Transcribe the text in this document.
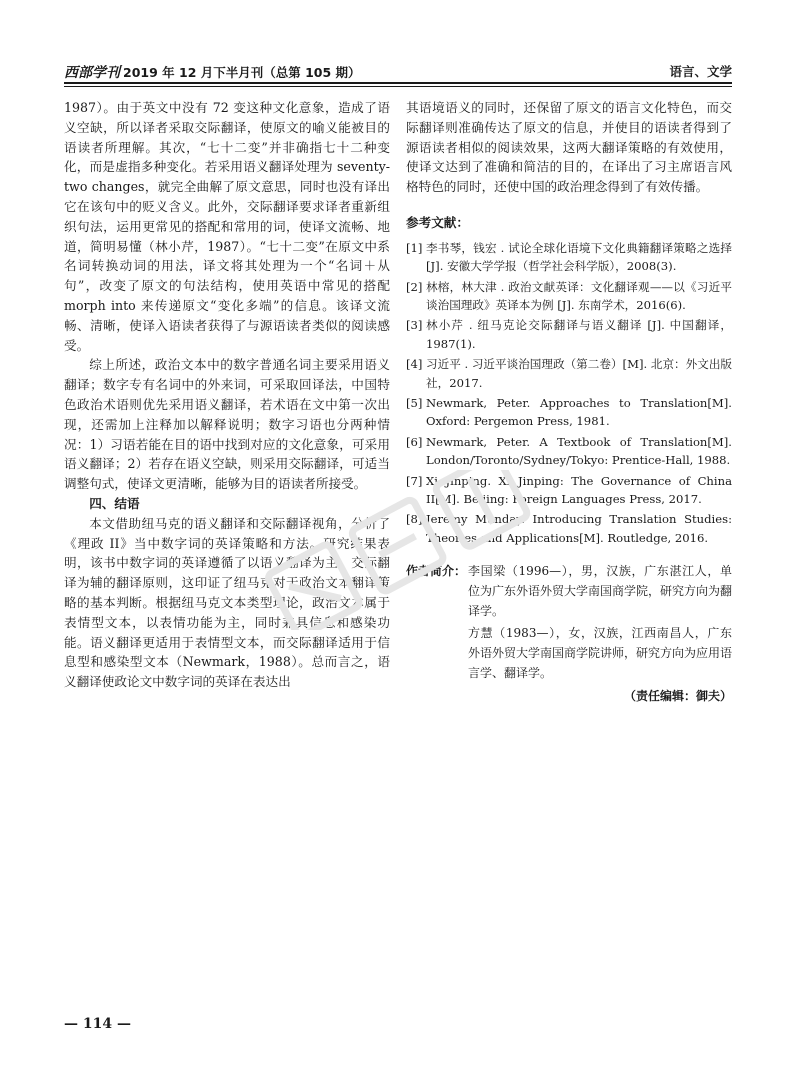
西部学刊 2019 年 12 月下半月刊（总第 105 期）	语言、文学

1987）。由于英文中没有 72 变这种文化意象，造成了语义空缺，所以译者采取交际翻译，使原文的喻义能被目的语读者所理解。其次，“七十二变”并非确指七十二种变化，而是虚指多种变化。若采用语义翻译处理为 seventy-two changes，就完全曲解了原文意思，同时也没有译出它在该句中的贬义含义。此外，交际翻译要求译者重新组织句法，运用更常见的搭配和常用的词，使译文流畅、地道，简明易懂（林小芹，1987）。“七十二变”在原文中系名词转换动词的用法，译文将其处理为一个“名词＋从句”，改变了原文的句法结构，使用英语中常见的搭配 morph into 来传递原文“变化多端”的信息。该译文流畅、清晰，使译入语读者获得了与源语读者类似的阅读感受。

综上所述，政治文本中的数字普通名词主要采用语义翻译；数字专有名词中的外来词，可采取回译法，中国特色政治术语则优先采用语义翻译，若术语在文中第一次出现，还需加上注释加以解释说明；数字习语也分两种情况：1）习语若能在目的语中找到对应的文化意象，可采用语义翻译；2）若存在语义空缺，则采用交际翻译，可适当调整句式，使译文更清晰，能够为目的语读者所接受。

四、结语

本文借助纽马克的语义翻译和交际翻译视角，分析了《理政 II》当中数字词的英译策略和方法。研究结果表明，该书中数字词的英译遵循了以语义翻译为主，交际翻译为辅的翻译原则，这印证了纽马克对于政治文本翻译策略的基本判断。根据纽马克文本类型理论，政治文本属于表情型文本，以表情功能为主，同时兼具信息和感染功能。语义翻译更适用于表情型文本，而交际翻译适用于信息型和感染型文本（Newmark，1988）。总而言之，语义翻译使政论文中数字词的英译在表达出

其语境语义的同时，还保留了原文的语言文化特色，而交际翻译则准确传达了原文的信息，并使目的语读者得到了源语读者相似的阅读效果，这两大翻译策略的有效使用，使译文达到了准确和简洁的目的，在译出了习主席语言风格特色的同时，还使中国的政治理念得到了有效传播。

参考文献：
[1] 李书琴，钱宏 . 试论全球化语境下文化典籍翻译策略之选择 [J]. 安徽大学学报（哲学社会科学版），2008(3).
[2] 林榕，林大津 . 政治文献英译：文化翻译观——以《习近平谈治国理政》英译本为例 [J]. 东南学术，2016(6).
[3] 林小芹 . 纽马克论交际翻译与语义翻译 [J]. 中国翻译，1987(1).
[4] 习近平 . 习近平谈治国理政（第二卷）[M]. 北京：外文出版社，2017.
[5] Newmark, Peter. Approaches to Translation[M]. Oxford: Pergemon Press, 1981.
[6] Newmark, Peter. A Textbook of Translation[M]. London/Toronto/Sydney/Tokyo: Prentice-Hall, 1988.
[7] Xi Jinping. Xi Jinping: The Governance of China II[M]. Beijing: Foreign Languages Press, 2017.
[8] Jeremy Munday. Introducing Translation Studies: Theories and Applications[M]. Routledge, 2016.
作者简介： 李国梁（1996—），男，汉族，广东湛江人，单位为广东外语外贸大学南国商学院，研究方向为翻译学。

方慧（1983—），女，汉族，江西南昌人，广东外语外贸大学南国商学院讲师，研究方向为应用语言学、翻译学。

（责任编辑：御夫）
— 114 —
